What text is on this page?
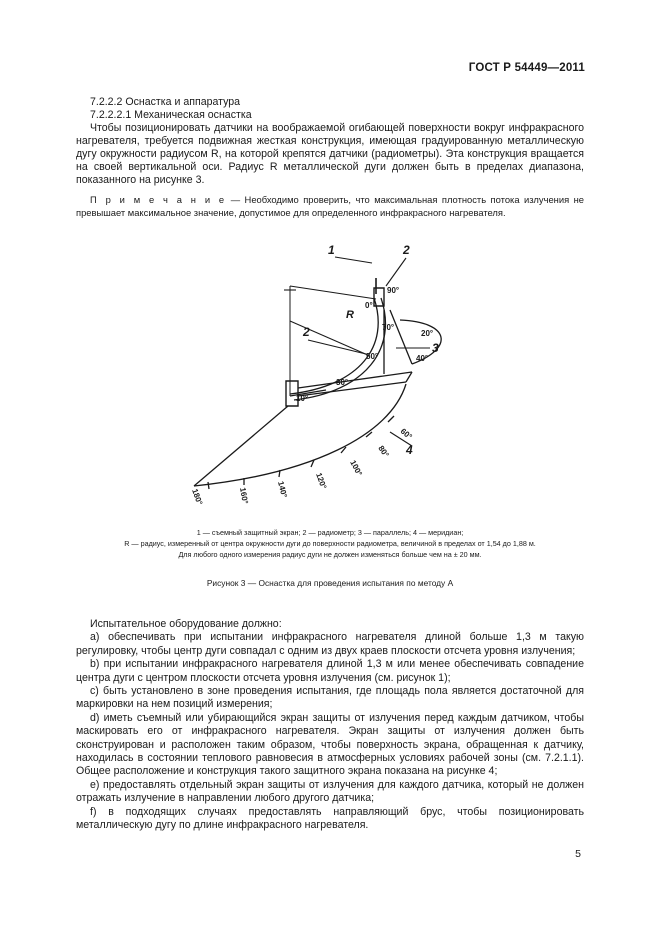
ГОСТ Р 54449—2011
7.2.2.2 Оснастка и аппаратура
7.2.2.2.1 Механическая оснастка
Чтобы позиционировать датчики на воображаемой огибающей поверхности вокруг инфракрасного нагревателя, требуется подвижная жесткая конструкция, имеющая градуированную металлическую дугу окружности радиусом R, на которой крепятся датчики (радиометры). Эта конструкция вращается на своей вертикальной оси. Радиус R металлической дуги должен быть в пределах диапазона, показанного на рисунке 3.
П р и м е ч а н и е — Необходимо проверить, что максимальная плотность потока излучения не превышает максимальное значение, допустимое для определенного инфракрасного нагревателя.
1	2
2
3
4
R
0°
90°
70°
20°
50°
30°
40°
10°
60°
80°
100°
120°
140°
160°
180°
1 — съемный защитный экран; 2 — радиометр; 3 — параллель; 4 — меридиан;
R — радиус, измеренный от центра окружности дуги до поверхности радиометра, величиной в пределах от 1,54 до 1,88 м.
Для любого одного измерения радиус дуги не должен изменяться больше чем на ± 20 мм.
Рисунок 3 — Оснастка для проведения испытания по методу А
Испытательное оборудование должно:
а) обеспечивать при испытании инфракрасного нагревателя длиной больше 1,3 м такую регулировку, чтобы центр дуги совпадал с одним из двух краев плоскости отсчета уровня излучения;
b) при испытании инфракрасного нагревателя длиной 1,3 м или менее обеспечивать совпадение центра дуги с центром плоскости отсчета уровня излучения (см. рисунок 1);
c) быть установлено в зоне проведения испытания, где площадь пола является достаточной для маркировки на нем позиций измерения;
d) иметь съемный или убирающийся экран защиты от излучения перед каждым датчиком, чтобы маскировать его от инфракрасного нагревателя. Экран защиты от излучения должен быть сконструирован и расположен таким образом, чтобы поверхность экрана, обращенная к датчику, находилась в состоянии теплового равновесия в атмосферных условиях рабочей зоны (см. 7.2.1.1). Общее расположение и конструкция такого защитного экрана показана на рисунке 4;
e) предоставлять отдельный экран защиты от излучения для каждого датчика, который не должен отражать излучение в направлении любого другого датчика;
f) в подходящих случаях предоставлять направляющий брус, чтобы позиционировать металлическую дугу по длине инфракрасного нагревателя.
5
